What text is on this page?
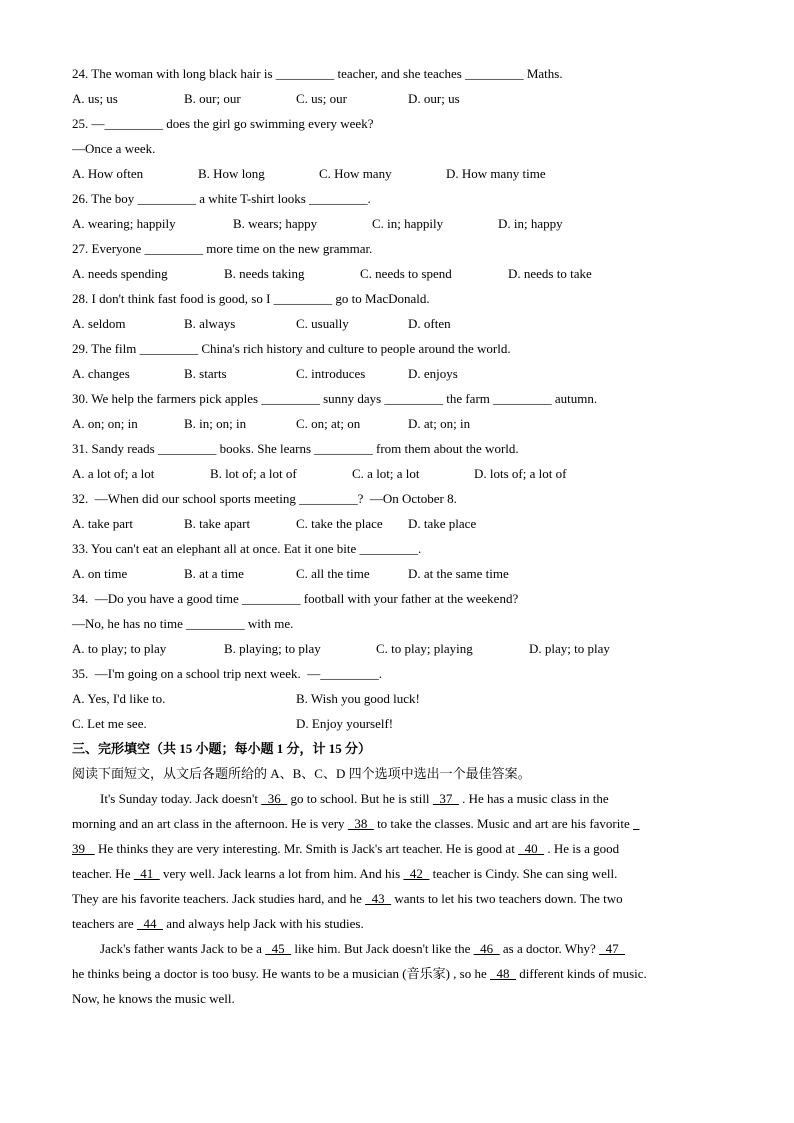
24. The woman with long black hair is _________ teacher, and she teaches _________ Maths.
A. us; us	B. our; our	C. us; our	D. our; us
25. —_________ does the girl go swimming every week?
—Once a week.
A. How often	B. How long	C. How many	D. How many time
26. The boy _________ a white T-shirt looks _________.
A. wearing; happily	B. wears; happy	C. in; happily	D. in; happy
27. Everyone _________ more time on the new grammar.
A. needs spending	B. needs taking	C. needs to spend	D. needs to take
28. I don't think fast food is good, so I _________ go to MacDonald.
A. seldom	B. always	C. usually	D. often
29. The film _________ China's rich history and culture to people around the world.
A. changes	B. starts	C. introduces	D. enjoys
30. We help the farmers pick apples _________ sunny days _________ the farm _________ autumn.
A. on; on; in	B. in; on; in	C. on; at; on	D. at; on; in
31. Sandy reads _________ books. She learns _________ from them about the world.
A. a lot of; a lot	B. lot of; a lot of	C. a lot; a lot	D. lots of; a lot of
32.  —When did our school sports meeting _________?  —On October 8.
A. take part	B. take apart	C. take the place D. take place
33. You can't eat an elephant all at once. Eat it one bite _________.
A. on time	B. at a time	C. all the time	D. at the same time
34.  —Do you have a good time _________ football with your father at the weekend?
—No, he has no time _________ with me.
A. to play; to play	B. playing; to play	C. to play; playing	D. play; to play
35.  —I'm going on a school trip next week.  —_________.
A. Yes, I'd like to.	B. Wish you good luck!
C. Let me see.	D. Enjoy yourself!
三、完形填空（共 15 小题；每小题 1 分，计 15 分）
阅读下面短文，从文后各题所给的 A、B、C、D 四个选项中选出一个最佳答案。
It's Sunday today. Jack doesn't   36   go to school. But he is still   37   . He has a music class in the
morning and an art class in the afternoon. He is very   38   to take the classes. Music and art are his favorite
39    He thinks they are very interesting. Mr. Smith is Jack's art teacher. He is good at   40   . He is a good
teacher. He   41   very well. Jack learns a lot from him. And his   42   teacher is Cindy. She can sing well.
They are his favorite teachers. Jack studies hard, and he   43   wants to let his two teachers down. The two
teachers are   44   and always help Jack with his studies.
Jack's father wants Jack to be a   45   like him. But Jack doesn't like the   46   as a doctor. Why?   47
he thinks being a doctor is too busy. He wants to be a musician (音乐家) , so he   48   different kinds of music.
Now, he knows the music well.
